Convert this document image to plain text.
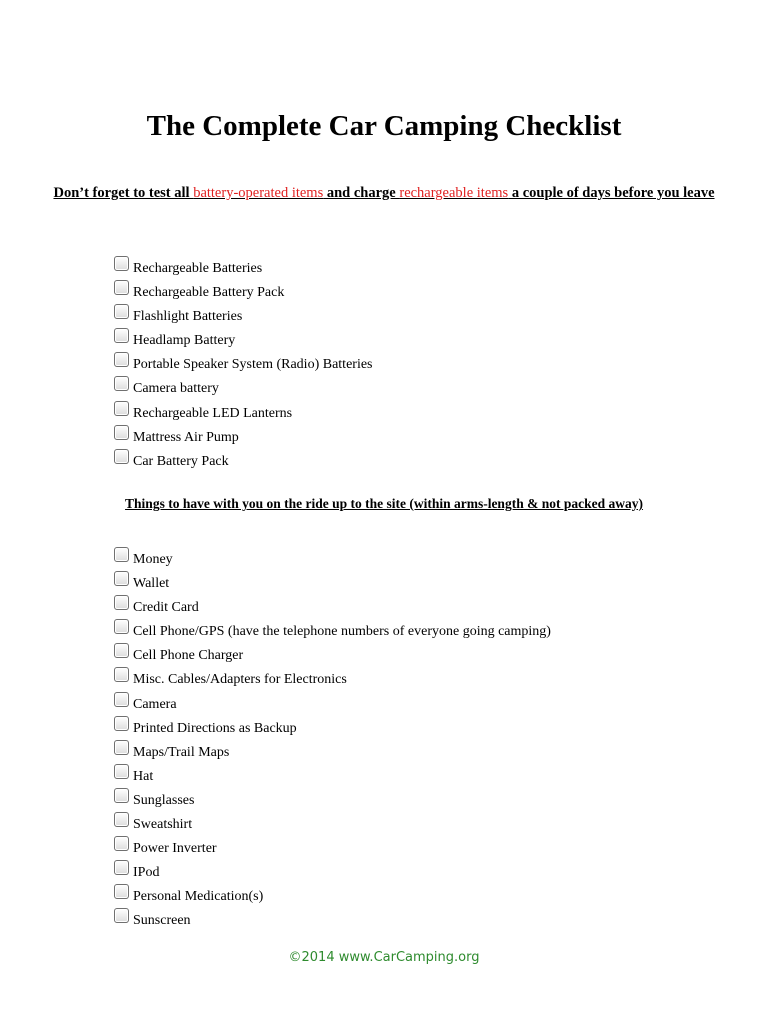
The Complete Car Camping Checklist
Don’t forget to test all battery-operated items and charge rechargeable items a couple of days before you leave
Rechargeable Batteries
Rechargeable Battery Pack
Flashlight Batteries
Headlamp Battery
Portable Speaker System (Radio) Batteries
Camera battery
Rechargeable LED Lanterns
Mattress Air Pump
Car Battery Pack
Things to have with you on the ride up to the site (within arms-length & not packed away)
Money
Wallet
Credit Card
Cell Phone/GPS (have the telephone numbers of everyone going camping)
Cell Phone Charger
Misc. Cables/Adapters for Electronics
Camera
Printed Directions as Backup
Maps/Trail Maps
Hat
Sunglasses
Sweatshirt
Power Inverter
IPod
Personal Medication(s)
Sunscreen
©2014 www.CarCamping.org
